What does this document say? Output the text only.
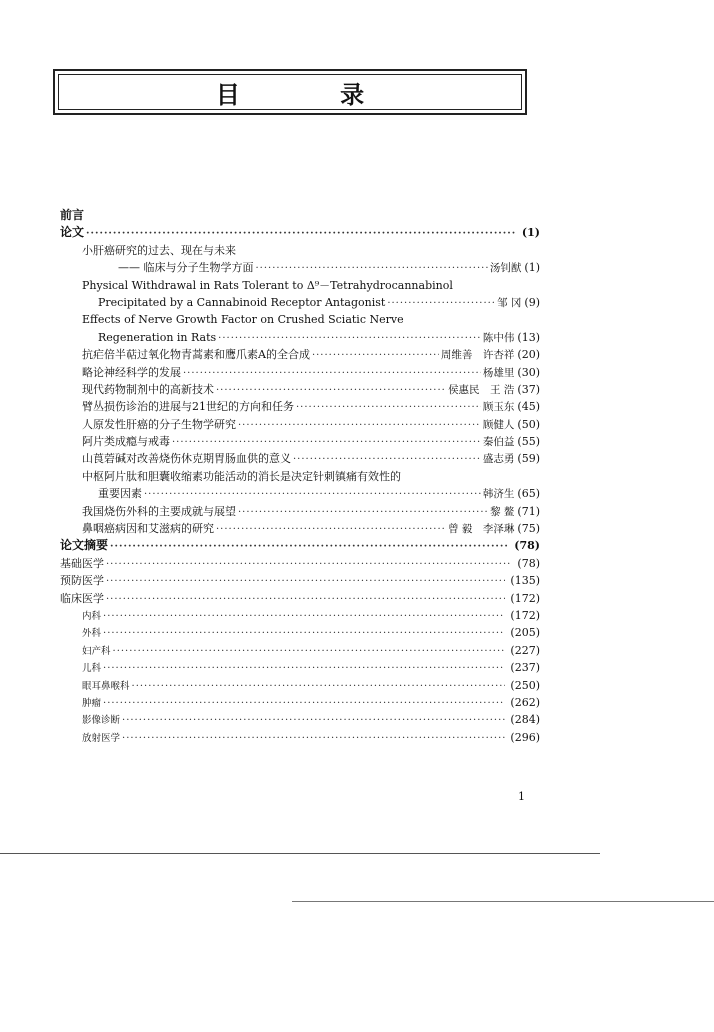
目 录
前言
论文 ·····	(1)
小肝癌研究的过去、现在与未来
—— 临床与分子生物学方面 ·····	汤钊猷 (1)
Physical Withdrawal in Rats Tolerant to Δ⁹－Tetrahydrocannabinol
Precipitated by a Cannabinoid Receptor Antagonist ·····	邹 冈 (9)
Effects of Nerve Growth Factor on Crushed Sciatic Nerve
Regeneration in Rats ·····	陈中伟 (13)
抗疟倍半萜过氧化物青蒿素和鹰爪素A的全合成 ·····	周维善　许杏祥 (20)
略论神经科学的发展 ·····	杨雄里 (30)
现代药物制剂中的高新技术 ·····	侯惠民　王 浩 (37)
臂丛损伤诊治的进展与21世纪的方向和任务 ·····	顾玉东 (45)
人原发性肝癌的分子生物学研究 ·····	顾健人 (50)
阿片类成瘾与戒毒 ·····	秦伯益 (55)
山莨菪碱对改善烧伤休克期胃肠血供的意义 ·····	盛志勇 (59)
中枢阿片肽和胆囊收缩素功能活动的消长是决定针刺镇痛有效性的
重要因素 ·····	韩济生 (65)
我国烧伤外科的主要成就与展望 ·····	黎 鳌 (71)
鼻咽癌病因和艾滋病的研究 ·····	曾 毅　李泽琳 (75)
论文摘要 ·····	(78)
基础医学 ·····	(78)
预防医学 ·····	(135)
临床医学 ·····	(172)
内科 ·····	(172)
外科 ·····	(205)
妇产科 ·····	(227)
儿科 ·····	(237)
眼耳鼻喉科 ·····	(250)
肿瘤 ·····	(262)
影像诊断 ·····	(284)
放射医学 ·····	(296)
1
